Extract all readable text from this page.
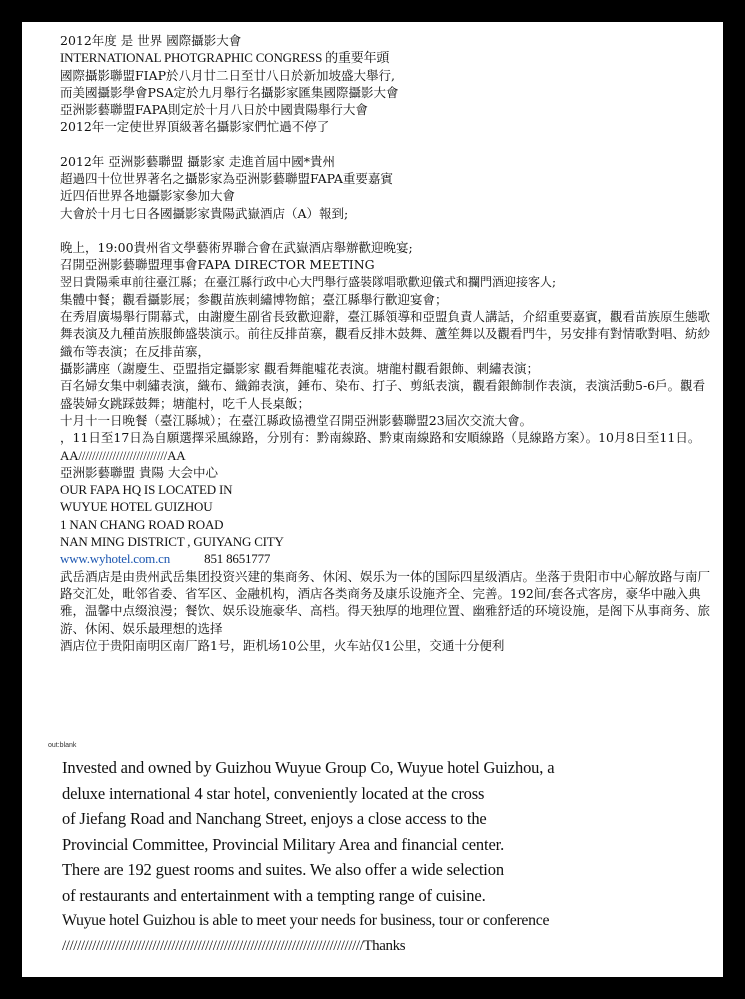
2012年度 是 世界 國際攝影大會
INTERNATIONAL PHOTGRAPHIC CONGRESS 的重要年頭
國際攝影聯盟FIAP於八月廿二日至廿八日於新加坡盛大舉行,
而美國攝影學會PSA定於九月舉行名攝影家匯集國際攝影大會
亞洲影藝聯盟FAPA則定於十月八日於中國貴陽舉行大會
2012年一定使世界頂級著名攝影家們忙過不停了
2012年 亞洲影藝聯盟 攝影家 走進首屆中國*貴州
超過四十位世界著名之攝影家為亞洲影藝聯盟FAPA重要嘉賓
近四佰世界各地攝影家參加大會
大會於十月七日各國攝影家貴陽武嶽酒店（A）報到;
晚上，19:00貴州省文學藝術界聯合會在武嶽酒店舉辦歡迎晚宴;
召開亞洲影藝聯盟理事會FAPA DIRECTOR MEETING
翌日貴陽乘車前往臺江縣；在臺江縣行政中心大門舉行盛裝隊唱歌歡迎儀式和攔門酒迎接客人;
集體中餐；觀看攝影展；参觀苗族刺繡博物館；臺江縣舉行歡迎宴會；
在秀眉廣場舉行開幕式，由謝慶生副省長致歡迎辭，臺江縣領導和亞盟負責人講話，介紹重要嘉賓，觀看苗族原生態歌舞表演及九種苗族服飾盛裝演示。前往反排苗寨，觀看反排木鼓舞、蘆笙舞以及觀看門牛，另安排有對情歌對唱、紡紗織布等表演；在反排苗寨，
攝影講座（謝慶生、亞盟指定攝影家 觀看舞龍噓花表演。塘龍村觀看銀飾、刺繡表演；
百名婦女集中刺繡表演，織布、織錦表演，錘布、染布、打子、剪紙表演，觀看銀飾制作表演，表演活動5-6戶。觀看盛裝婦女跳踩鼓舞；塘龍村，吃千人長桌飯；
十月十一日晚餐（臺江縣城）；在臺江縣政協禮堂召開亞洲影藝聯盟23屆次交流大會。
，11日至17日為自願選擇采風線路，分別有：黔南線路、黔東南線路和安順線路（見線路方案）。10月8日至11日。
AA//////////////////////////AA
亞洲影藝聯盟 貴陽 大会中心
OUR FAPA HQ IS LOCATED IN
WUYUE HOTEL GUIZHOU
1 NAN CHANG ROAD ROAD
NAN MING DISTRICT , GUIYANG CITY
www.wyhotel.com.cn	851 8651777
武岳酒店是由贵州武岳集团投资兴建的集商务、休闲、娱乐为一体的国际四星级酒店。坐落于贵阳市中心解放路与南厂路交汇处，毗邻省委、省军区、金融机构，酒店各类商务及康乐设施齐全、完善。192间/套各式客房，豪华中融入典雅，温馨中点缀浪漫；餐饮、娱乐设施豪华、高档。得天独厚的地理位置、幽雅舒适的环境设施，是阁下从事商务、旅游、休闲、娱乐最理想的选择
酒店位于贵阳南明区南厂路1号，距机场10公里，火车站仅1公里，交通十分便利
out:blank
Invested and owned by Guizhou Wuyue Group Co, Wuyue hotel Guizhou, a
deluxe international 4 star hotel, conveniently located at the cross
of Jiefang Road and Nanchang Street, enjoys a close access to the
Provincial Committee, Provincial Military Area and financial center.
There are 192 guest rooms and suites. We also offer a wide selection
of restaurants and entertainment with a tempting range of cuisine.
Wuyue hotel Guizhou is able to meet your needs for business, tour or conference
////////////////////////////////////////////////////////////////////////////////Thanks
